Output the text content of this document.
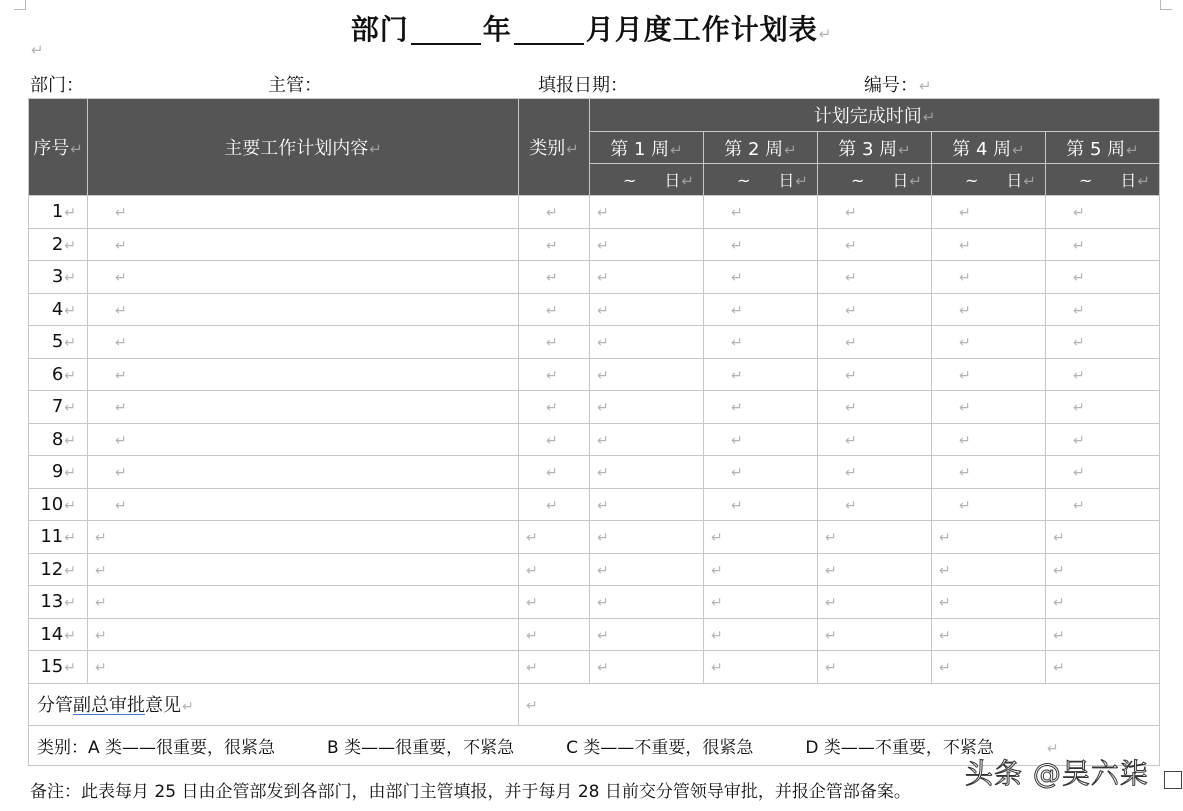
部门	年	月月度工作计划表↵
↵
部门：	主管：	填报日期：	编号：↵
序号↵	主要工作计划内容↵	类别↵	计划完成时间↵				
			第 1 周↵	第 2 周↵	第 3 周↵	第 4 周↵	第 5 周↵
			~ 日↵	~ 日↵	~ 日↵	~ 日↵	~ 日↵
1↵	↵	↵	↵	↵	↵	↵	↵
2↵	↵	↵	↵	↵	↵	↵	↵
3↵	↵	↵	↵	↵	↵	↵	↵
4↵	↵	↵	↵	↵	↵	↵	↵
5↵	↵	↵	↵	↵	↵	↵	↵
6↵	↵	↵	↵	↵	↵	↵	↵
7↵	↵	↵	↵	↵	↵	↵	↵
8↵	↵	↵	↵	↵	↵	↵	↵
9↵	↵	↵	↵	↵	↵	↵	↵
10↵	↵	↵	↵	↵	↵	↵	↵
11↵	↵	↵	↵	↵	↵	↵	↵
12↵	↵	↵	↵	↵	↵	↵	↵
13↵	↵	↵	↵	↵	↵	↵	↵
14↵	↵	↵	↵	↵	↵	↵	↵
15↵	↵	↵	↵	↵	↵	↵	↵
分管副总审批意见↵		↵					
类别：A 类——很重要，很紧急 B 类——很重要，不紧急 C 类——不重要，很紧急 D 类——不重要，不紧急 ↵							
备注：此表每月 25 日由企管部发到各部门，由部门主管填报，并于每月 28 日前交分管领导审批，并报企管部备案。
头条 @吴六柒
